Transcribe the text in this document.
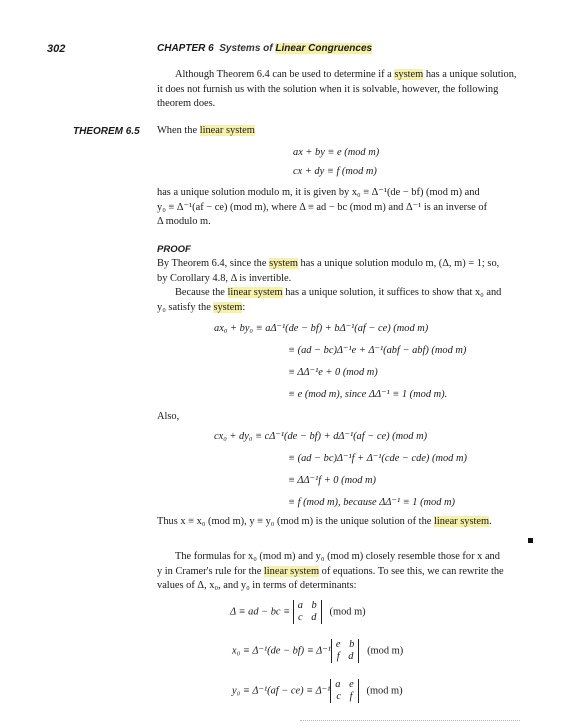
302	CHAPTER 6 Systems of Linear Congruences
Although Theorem 6.4 can be used to determine if a system has a unique solution,
it does not furnish us with the solution when it is solvable, however, the following
theorem does.
THEOREM 6.5 When the linear system
ax + by ≡ e (mod m)
cx + dy ≡ f (mod m)
has a unique solution modulo m, it is given by x₀ ≡ Δ⁻¹(de − bf) (mod m) and
y₀ ≡ Δ⁻¹(af − ce) (mod m), where Δ ≡ ad − bc (mod m) and Δ⁻¹ is an inverse of
Δ modulo m.
PROOF
By Theorem 6.4, since the system has a unique solution modulo m, (Δ, m) = 1; so,
by Corollary 4.8, Δ is invertible.
Because the linear system has a unique solution, it suffices to show that x₀ and
y₀ satisfy the system:
ax₀ + by₀ ≡ aΔ⁻¹(de − bf) + bΔ⁻¹(af − ce) (mod m)
≡ (ad − bc)Δ⁻¹e + Δ⁻¹(abf − abf) (mod m)
≡ ΔΔ⁻¹e + 0 (mod m)
≡ e (mod m), since ΔΔ⁻¹ ≡ 1 (mod m).
Also,
cx₀ + dy₀ ≡ cΔ⁻¹(de − bf) + dΔ⁻¹(af − ce) (mod m)
≡ (ad − bc)Δ⁻¹f + Δ⁻¹(cde − cde) (mod m)
≡ ΔΔ⁻¹f + 0 (mod m)
≡ f (mod m), because ΔΔ⁻¹ ≡ 1 (mod m)
Thus x ≡ x₀ (mod m), y ≡ y₀ (mod m) is the unique solution of the linear system.
The formulas for x₀ (mod m) and y₀ (mod m) closely resemble those for x and
y in Cramer's rule for the linear system of equations. To see this, we can rewrite the
values of Δ, x₀, and y₀ in terms of determinants:
Δ ≡ ad − bc ≡
a b
c d
(mod m)
x₀ ≡ Δ⁻¹(de − bf) ≡ Δ⁻¹
e b
f d
(mod m)
y₀ ≡ Δ⁻¹(af − ce) ≡ Δ⁻¹
a e
c f
(mod m)
